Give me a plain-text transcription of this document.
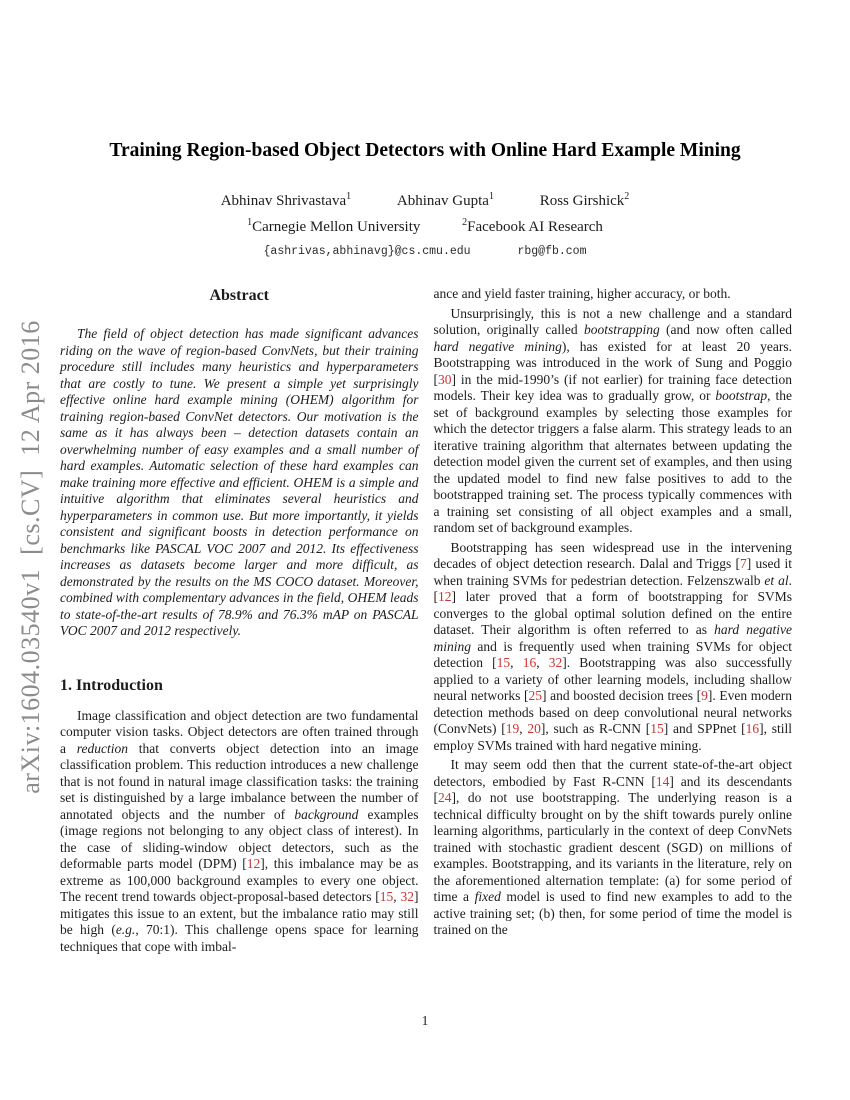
arXiv:1604.03540v1  [cs.CV]  12 Apr 2016
Training Region-based Object Detectors with Online Hard Example Mining
Abhinav Shrivastava$^1$	Abhinav Gupta$^1$	Ross Girshick$^2$
$^1$Carnegie Mellon University	$^2$Facebook AI Research
{ashrivas,abhinavg}@cs.cmu.edu	rbg@fb.com
Abstract

The field of object detection has made significant advances riding on the wave of region-based ConvNets, but their training procedure still includes many heuristics and hyperparameters that are costly to tune. We present a simple yet surprisingly effective online hard example mining (OHEM) algorithm for training region-based ConvNet detectors. Our motivation is the same as it has always been – detection datasets contain an overwhelming number of easy examples and a small number of hard examples. Automatic selection of these hard examples can make training more effective and efficient. OHEM is a simple and intuitive algorithm that eliminates several heuristics and hyperparameters in common use. But more importantly, it yields consistent and significant boosts in detection performance on benchmarks like PASCAL VOC 2007 and 2012. Its effectiveness increases as datasets become larger and more difficult, as demonstrated by the results on the MS COCO dataset. Moreover, combined with complementary advances in the field, OHEM leads to state-of-the-art results of 78.9% and 76.3% mAP on PASCAL VOC 2007 and 2012 respectively.

1. Introduction

Image classification and object detection are two fundamental computer vision tasks. Object detectors are often trained through a reduction that converts object detection into an image classification problem. This reduction introduces a new challenge that is not found in natural image classification tasks: the training set is distinguished by a large imbalance between the number of annotated objects and the number of background examples (image regions not belonging to any object class of interest). In the case of sliding-window object detectors, such as the deformable parts model (DPM) [12], this imbalance may be as extreme as 100,000 background examples to every one object. The recent trend towards object-proposal-based detectors [15, 32] mitigates this issue to an extent, but the imbalance ratio may still be high (e.g., 70:1). This challenge opens space for learning techniques that cope with imbal-

ance and yield faster training, higher accuracy, or both.

Unsurprisingly, this is not a new challenge and a standard solution, originally called bootstrapping (and now often called hard negative mining), has existed for at least 20 years. Bootstrapping was introduced in the work of Sung and Poggio [30] in the mid-1990’s (if not earlier) for training face detection models. Their key idea was to gradually grow, or bootstrap, the set of background examples by selecting those examples for which the detector triggers a false alarm. This strategy leads to an iterative training algorithm that alternates between updating the detection model given the current set of examples, and then using the updated model to find new false positives to add to the bootstrapped training set. The process typically commences with a training set consisting of all object examples and a small, random set of background examples.

Bootstrapping has seen widespread use in the intervening decades of object detection research. Dalal and Triggs [7] used it when training SVMs for pedestrian detection. Felzenszwalb et al. [12] later proved that a form of bootstrapping for SVMs converges to the global optimal solution defined on the entire dataset. Their algorithm is often referred to as hard negative mining and is frequently used when training SVMs for object detection [15, 16, 32]. Bootstrapping was also successfully applied to a variety of other learning models, including shallow neural networks [25] and boosted decision trees [9]. Even modern detection methods based on deep convolutional neural networks (ConvNets) [19, 20], such as R-CNN [15] and SPPnet [16], still employ SVMs trained with hard negative mining.

It may seem odd then that the current state-of-the-art object detectors, embodied by Fast R-CNN [14] and its descendants [24], do not use bootstrapping. The underlying reason is a technical difficulty brought on by the shift towards purely online learning algorithms, particularly in the context of deep ConvNets trained with stochastic gradient descent (SGD) on millions of examples. Bootstrapping, and its variants in the literature, rely on the aforementioned alternation template: (a) for some period of time a fixed model is used to find new examples to add to the active training set; (b) then, for some period of time the model is trained on the

1
